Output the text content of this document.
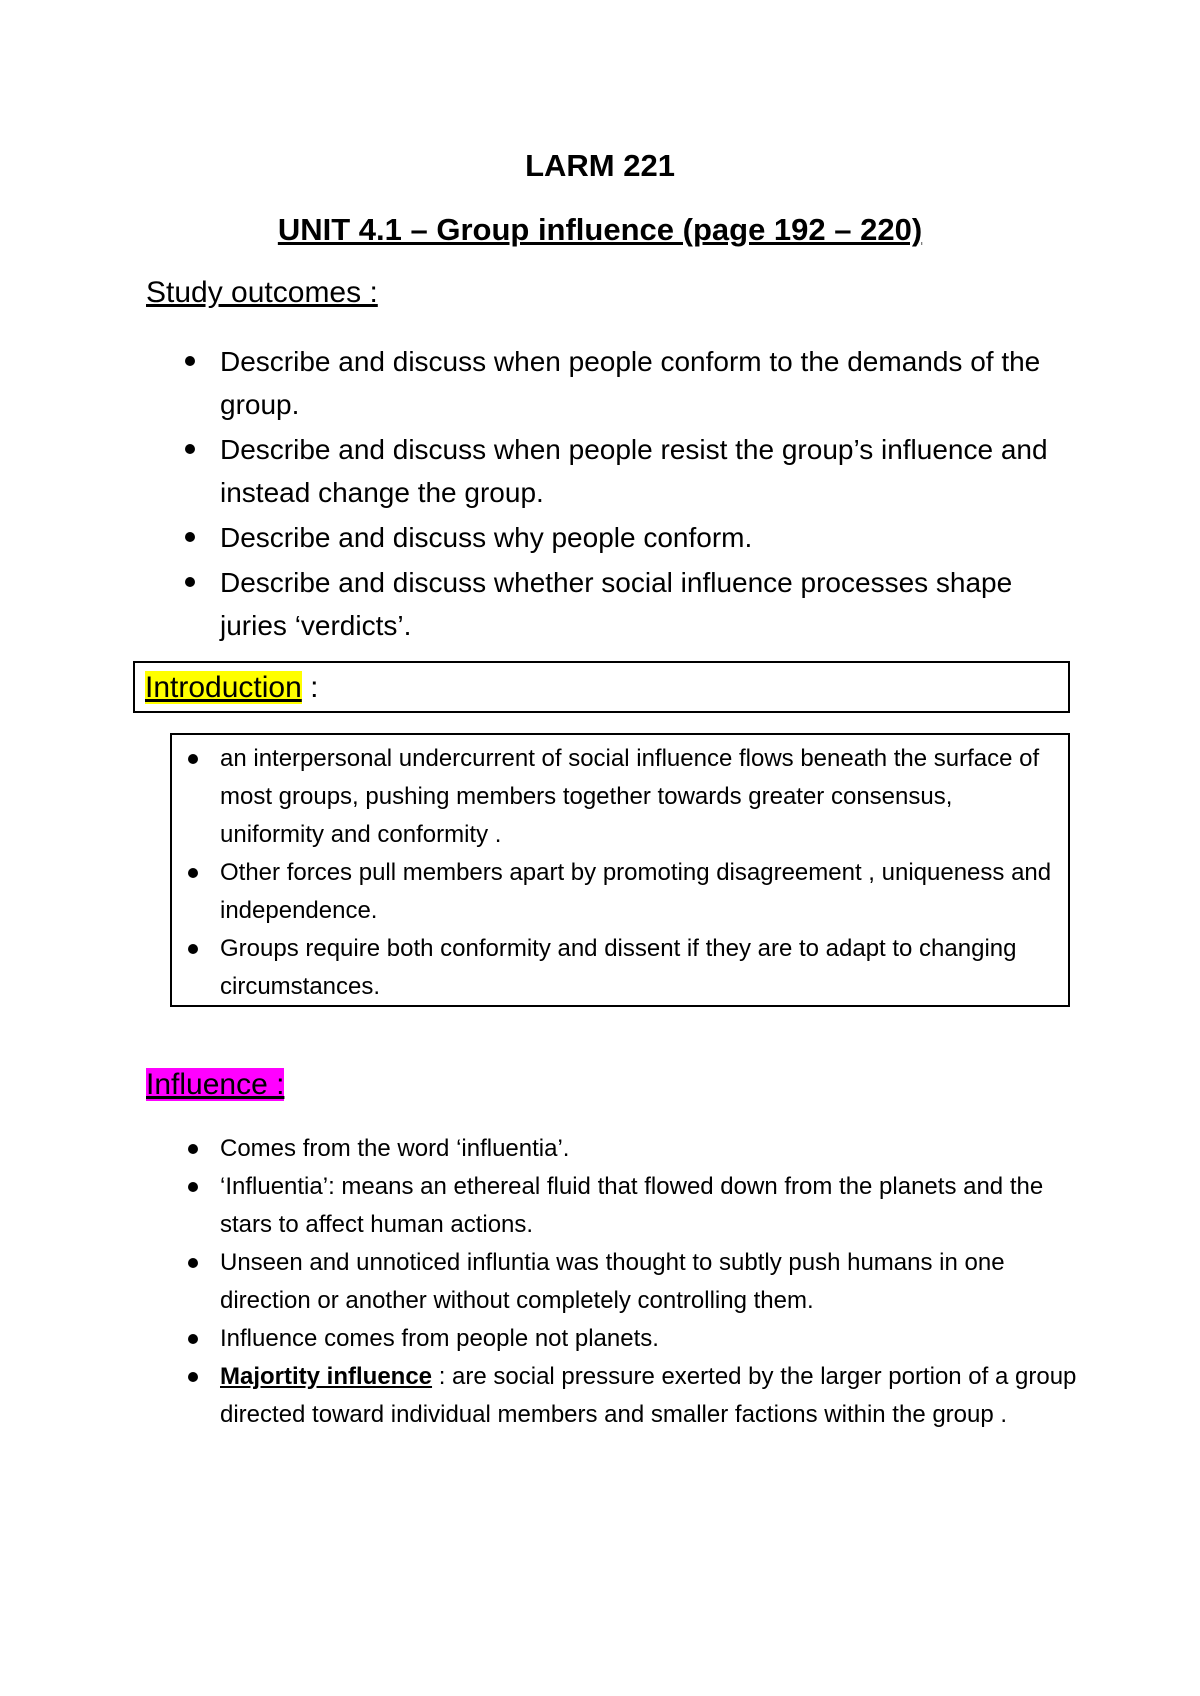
LARM 221
UNIT 4.1 – Group influence (page 192 – 220)
Study outcomes :
Describe and discuss when people conform to the demands of the group.
Describe and discuss when people resist the group’s influence and instead change the group.
Describe and discuss why people conform.
Describe and discuss whether social influence processes shape juries ‘verdicts’.
Introduction :
an interpersonal undercurrent of social influence flows beneath the surface of most groups, pushing members together towards greater consensus, uniformity and conformity .
Other forces pull members apart by promoting disagreement , uniqueness and independence.
Groups require both conformity and dissent if they are to adapt to changing circumstances.
Influence :
Comes from the word ‘influentia’.
‘Influentia’: means an ethereal fluid that flowed down from the planets and the stars to affect human actions.
Unseen and unnoticed influntia was thought to subtly push humans in one direction or another without completely controlling them.
Influence comes from people not planets.
Majortity influence : are social pressure exerted by the larger portion of a group directed toward individual members and smaller factions within the group .
